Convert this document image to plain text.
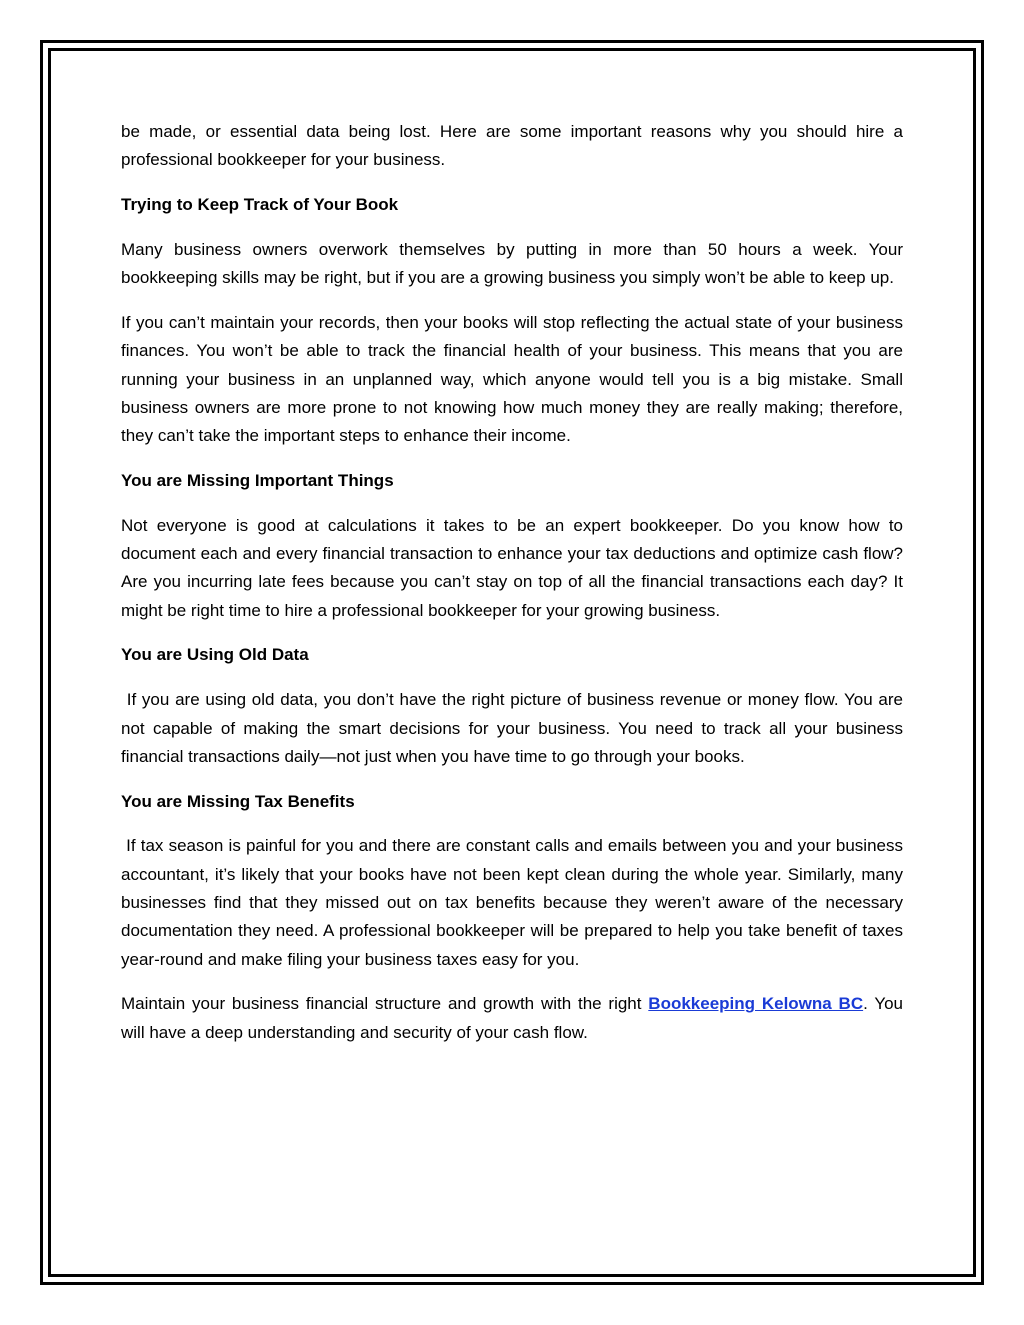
be made, or essential data being lost. Here are some important reasons why you should hire a professional bookkeeper for your business.

Trying to Keep Track of Your Book

Many business owners overwork themselves by putting in more than 50 hours a week. Your bookkeeping skills may be right, but if you are a growing business you simply won’t be able to keep up.

If you can’t maintain your records, then your books will stop reflecting the actual state of your business finances. You won’t be able to track the financial health of your business. This means that you are running your business in an unplanned way, which anyone would tell you is a big mistake. Small business owners are more prone to not knowing how much money they are really making; therefore, they can’t take the important steps to enhance their income.

You are Missing Important Things

Not everyone is good at calculations it takes to be an expert bookkeeper. Do you know how to document each and every financial transaction to enhance your tax deductions and optimize cash flow? Are you incurring late fees because you can’t stay on top of all the financial transactions each day? It might be right time to hire a professional bookkeeper for your growing business.

You are Using Old Data

If you are using old data, you don’t have the right picture of business revenue or money flow. You are not capable of making the smart decisions for your business. You need to track all your business financial transactions daily—not just when you have time to go through your books.

You are Missing Tax Benefits

If tax season is painful for you and there are constant calls and emails between you and your business accountant, it’s likely that your books have not been kept clean during the whole year. Similarly, many businesses find that they missed out on tax benefits because they weren’t aware of the necessary documentation they need. A professional bookkeeper will be prepared to help you take benefit of taxes year-round and make filing your business taxes easy for you.

Maintain your business financial structure and growth with the right Bookkeeping Kelowna BC. You will have a deep understanding and security of your cash flow.
